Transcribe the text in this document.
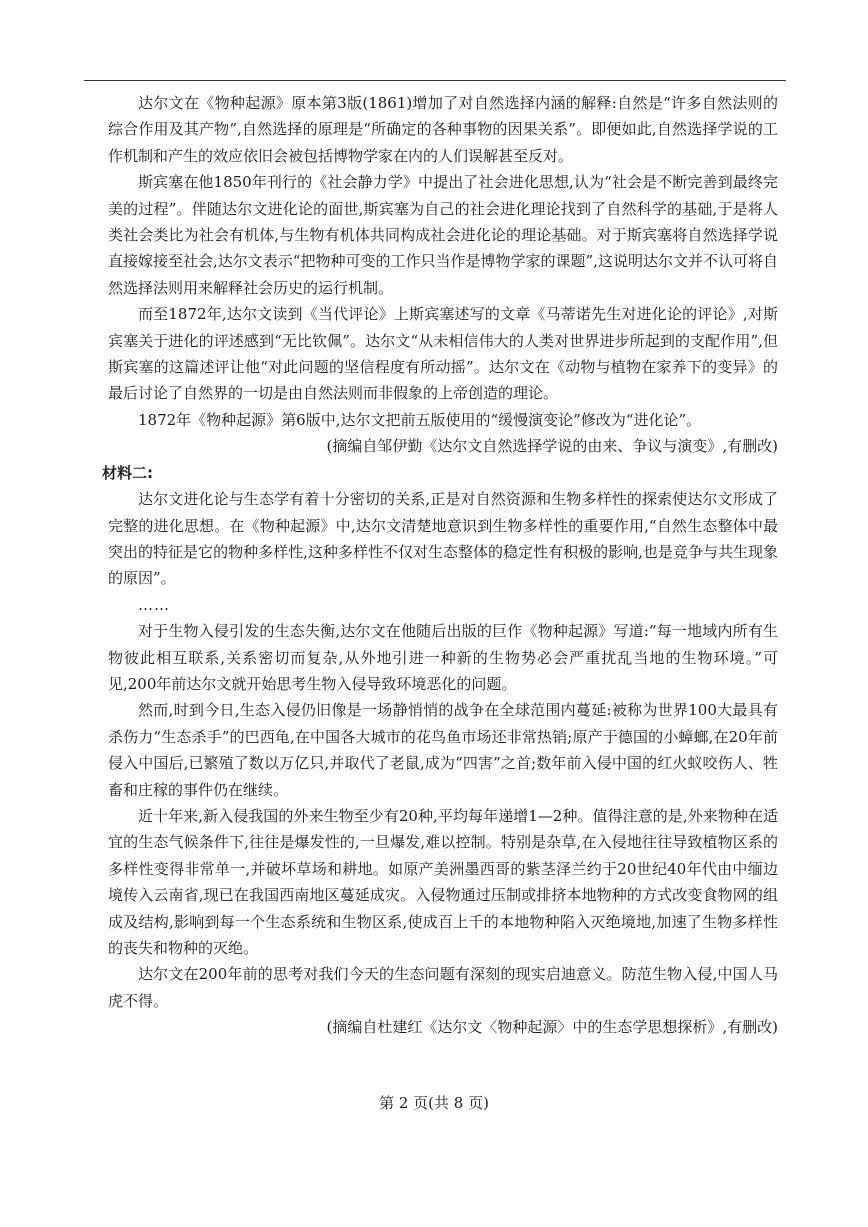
达尔文在《物种起源》原本第3版(1861)增加了对自然选择内涵的解释:自然是“许多自然法则的综合作用及其产物”,自然选择的原理是“所确定的各种事物的因果关系”。即便如此,自然选择学说的工作机制和产生的效应依旧会被包括博物学家在内的人们误解甚至反对。

斯宾塞在他1850年刊行的《社会静力学》中提出了社会进化思想,认为“社会是不断完善到最终完美的过程”。伴随达尔文进化论的面世,斯宾塞为自己的社会进化理论找到了自然科学的基础,于是将人类社会类比为社会有机体,与生物有机体共同构成社会进化论的理论基础。对于斯宾塞将自然选择学说直接嫁接至社会,达尔文表示“把物种可变的工作只当作是博物学家的课题”,这说明达尔文并不认可将自然选择法则用来解释社会历史的运行机制。

而至1872年,达尔文读到《当代评论》上斯宾塞述写的文章《马蒂诺先生对进化论的评论》,对斯宾塞关于进化的评述感到“无比钦佩”。达尔文“从未相信伟大的人类对世界进步所起到的支配作用”,但斯宾塞的这篇述评让他“对此问题的坚信程度有所动摇”。达尔文在《动物与植物在家养下的变异》的最后讨论了自然界的一切是由自然法则而非假象的上帝创造的理论。

1872年《物种起源》第6版中,达尔文把前五版使用的“缓慢演变论”修改为“进化论”。

(摘编自邹伊勤《达尔文自然选择学说的由来、争议与演变》,有删改)

材料二:

达尔文进化论与生态学有着十分密切的关系,正是对自然资源和生物多样性的探索使达尔文形成了完整的进化思想。在《物种起源》中,达尔文清楚地意识到生物多样性的重要作用,“自然生态整体中最突出的特征是它的物种多样性,这种多样性不仅对生态整体的稳定性有积极的影响,也是竞争与共生现象的原因”。

……

对于生物入侵引发的生态失衡,达尔文在他随后出版的巨作《物种起源》写道:“每一地域内所有生物彼此相互联系,关系密切而复杂,从外地引进一种新的生物势必会严重扰乱当地的生物环境。”可见,200年前达尔文就开始思考生物入侵导致环境恶化的问题。

然而,时到今日,生态入侵仍旧像是一场静悄悄的战争在全球范围内蔓延:被称为世界100大最具有杀伤力“生态杀手”的巴西龟,在中国各大城市的花鸟鱼市场还非常热销;原产于德国的小蟑螂,在20年前侵入中国后,已繁殖了数以万亿只,并取代了老鼠,成为“四害”之首;数年前入侵中国的红火蚁咬伤人、牲畜和庄稼的事件仍在继续。

近十年来,新入侵我国的外来生物至少有20种,平均每年递增1—2种。值得注意的是,外来物种在适宜的生态气候条件下,往往是爆发性的,一旦爆发,难以控制。特别是杂草,在入侵地往往导致植物区系的多样性变得非常单一,并破坏草场和耕地。如原产美洲墨西哥的紫茎泽兰约于20世纪40年代由中缅边境传入云南省,现已在我国西南地区蔓延成灾。入侵物通过压制或排挤本地物种的方式改变食物网的组成及结构,影响到每一个生态系统和生物区系,使成百上千的本地物种陷入灭绝境地,加速了生物多样性的丧失和物种的灭绝。

达尔文在200年前的思考对我们今天的生态问题有深刻的现实启迪意义。防范生物入侵,中国人马虎不得。

(摘编自杜建红《达尔文〈物种起源〉中的生态学思想探析》,有删改)

第 2 页(共 8 页)
